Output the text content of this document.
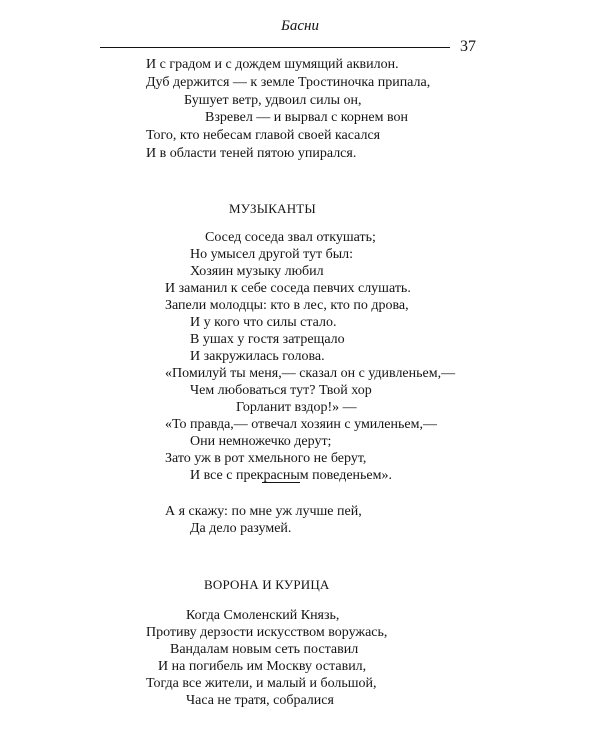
Басни
37
И с градом и с дождем шумящий аквилон.
Дуб держится — к земле Тростиночка припала,
Бушует ветр, удвоил силы он,
Взревел — и вырвал с корнем вон
Того, кто небесам главой своей касался
И в области теней пятою упирался.
МУЗЫКАНТЫ
Сосед соседа звал откушать;
Но умысел другой тут был:
Хозяин музыку любил
И заманил к себе соседа певчих слушать.
Запели молодцы: кто в лес, кто по дрова,
И у кого что силы стало.
В ушах у гостя затрещало
И закружилась голова.
«Помилуй ты меня,— сказал он с удивленьем,—
Чем любоваться тут? Твой хор
Горланит вздор!» —
«То правда,— отвечал хозяин с умиленьем,—
Они немножечко дерут;
Зато уж в рот хмельного не берут,
И все с прекрасным поведеньем».
А я скажу: по мне уж лучше пей,
Да дело разумей.
ВОРОНА И КУРИЦА
Когда Смоленский Князь,
Противу дерзости искусством воружась,
Вандалам новым сеть поставил
И на погибель им Москву оставил,
Тогда все жители, и малый и большой,
Часа не тратя, собралися
